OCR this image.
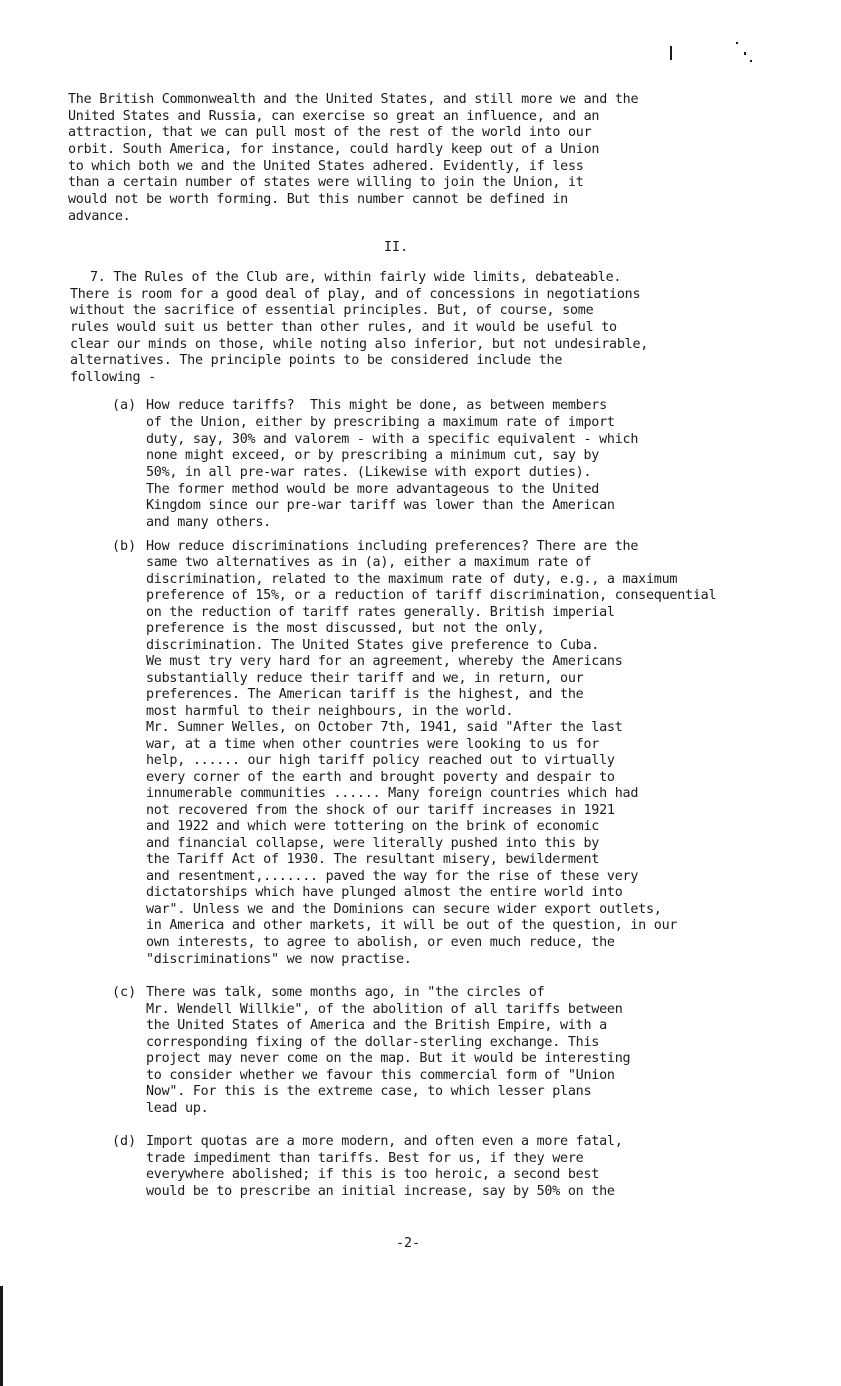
The British Commonwealth and the United States, and still more we and the
United States and Russia, can exercise so great an influence, and an
attraction, that we can pull most of the rest of the world into our
orbit. South America, for instance, could hardly keep out of a Union
to which both we and the United States adhered. Evidently, if less
than a certain number of states were willing to join the Union, it
would not be worth forming. But this number cannot be defined in
advance.
II.
7. The Rules of the Club are, within fairly wide limits, debateable.
There is room for a good deal of play, and of concessions in negotiations
without the sacrifice of essential principles. But, of course, some
rules would suit us better than other rules, and it would be useful to
clear our minds on those, while noting also inferior, but not undesirable,
alternatives. The principle points to be considered include the
following -
(a) How reduce tariffs?  This might be done, as between members
of the Union, either by prescribing a maximum rate of import
duty, say, 30% and valorem - with a specific equivalent - which
none might exceed, or by prescribing a minimum cut, say by
50%, in all pre-war rates. (Likewise with export duties).
The former method would be more advantageous to the United
Kingdom since our pre-war tariff was lower than the American
and many others.
(b) How reduce discriminations including preferences? There are the
same two alternatives as in (a), either a maximum rate of
discrimination, related to the maximum rate of duty, e.g., a maximum
preference of 15%, or a reduction of tariff discrimination, consequential
on the reduction of tariff rates generally. British imperial
preference is the most discussed, but not the only,
discrimination. The United States give preference to Cuba.
We must try very hard for an agreement, whereby the Americans
substantially reduce their tariff and we, in return, our
preferences. The American tariff is the highest, and the
most harmful to their neighbours, in the world.
Mr. Sumner Welles, on October 7th, 1941, said "After the last
war, at a time when other countries were looking to us for
help, ...... our high tariff policy reached out to virtually
every corner of the earth and brought poverty and despair to
innumerable communities ...... Many foreign countries which had
not recovered from the shock of our tariff increases in 1921
and 1922 and which were tottering on the brink of economic
and financial collapse, were literally pushed into this by
the Tariff Act of 1930. The resultant misery, bewilderment
and resentment,....... paved the way for the rise of these very
dictatorships which have plunged almost the entire world into
war". Unless we and the Dominions can secure wider export outlets,
in America and other markets, it will be out of the question, in our
own interests, to agree to abolish, or even much reduce, the
"discriminations" we now practise.
(c) There was talk, some months ago, in "the circles of
Mr. Wendell Willkie", of the abolition of all tariffs between
the United States of America and the British Empire, with a
corresponding fixing of the dollar-sterling exchange. This
project may never come on the map. But it would be interesting
to consider whether we favour this commercial form of "Union
Now". For this is the extreme case, to which lesser plans
lead up.
(d) Import quotas are a more modern, and often even a more fatal,
trade impediment than tariffs. Best for us, if they were
everywhere abolished; if this is too heroic, a second best
would be to prescribe an initial increase, say by 50% on the
-2-
